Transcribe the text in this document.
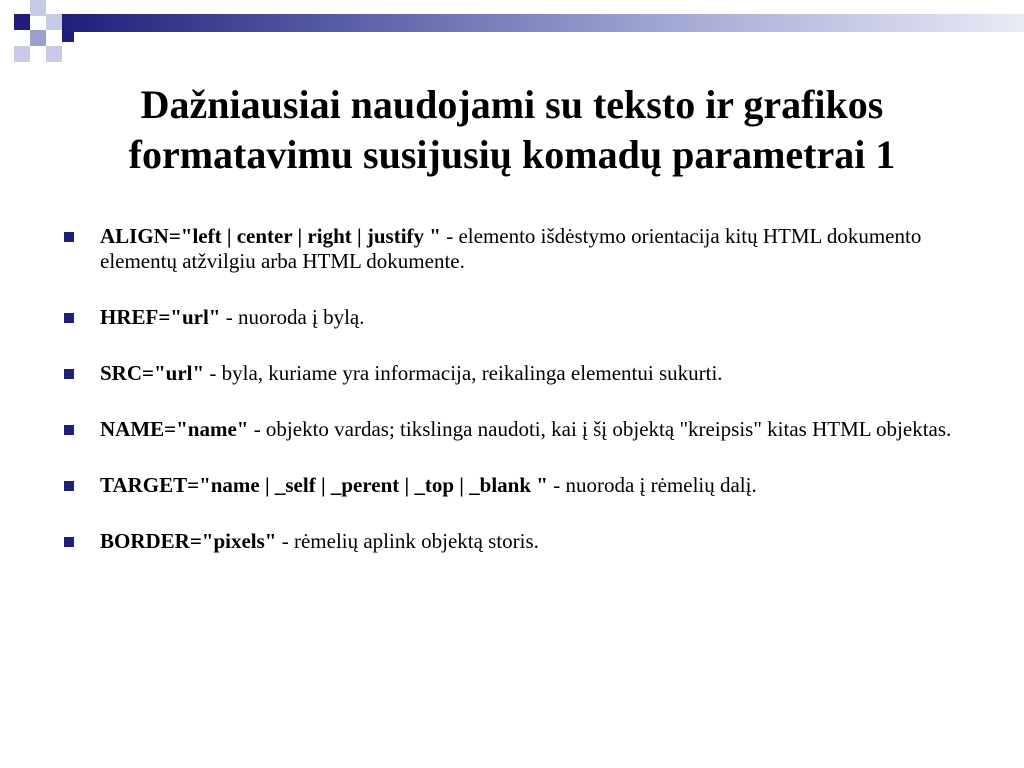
Dažniausiai naudojami su teksto ir grafikos formatavimu susijusių komadų parametrai 1
ALIGN="left | center | right | justify " - elemento išdėstymo orientacija kitų HTML dokumento elementų atžvilgiu arba HTML dokumente.
HREF="url" - nuoroda į bylą.
SRC="url" - byla, kuriame yra informacija, reikalinga elementui sukurti.
NAME="name" - objekto vardas; tikslinga naudoti, kai į šį objektą "kreipsis" kitas HTML objektas.
TARGET="name | _self | _perent | _top | _blank " - nuoroda į rėmelių dalį.
BORDER="pixels" - rėmelių aplink objektą storis.
